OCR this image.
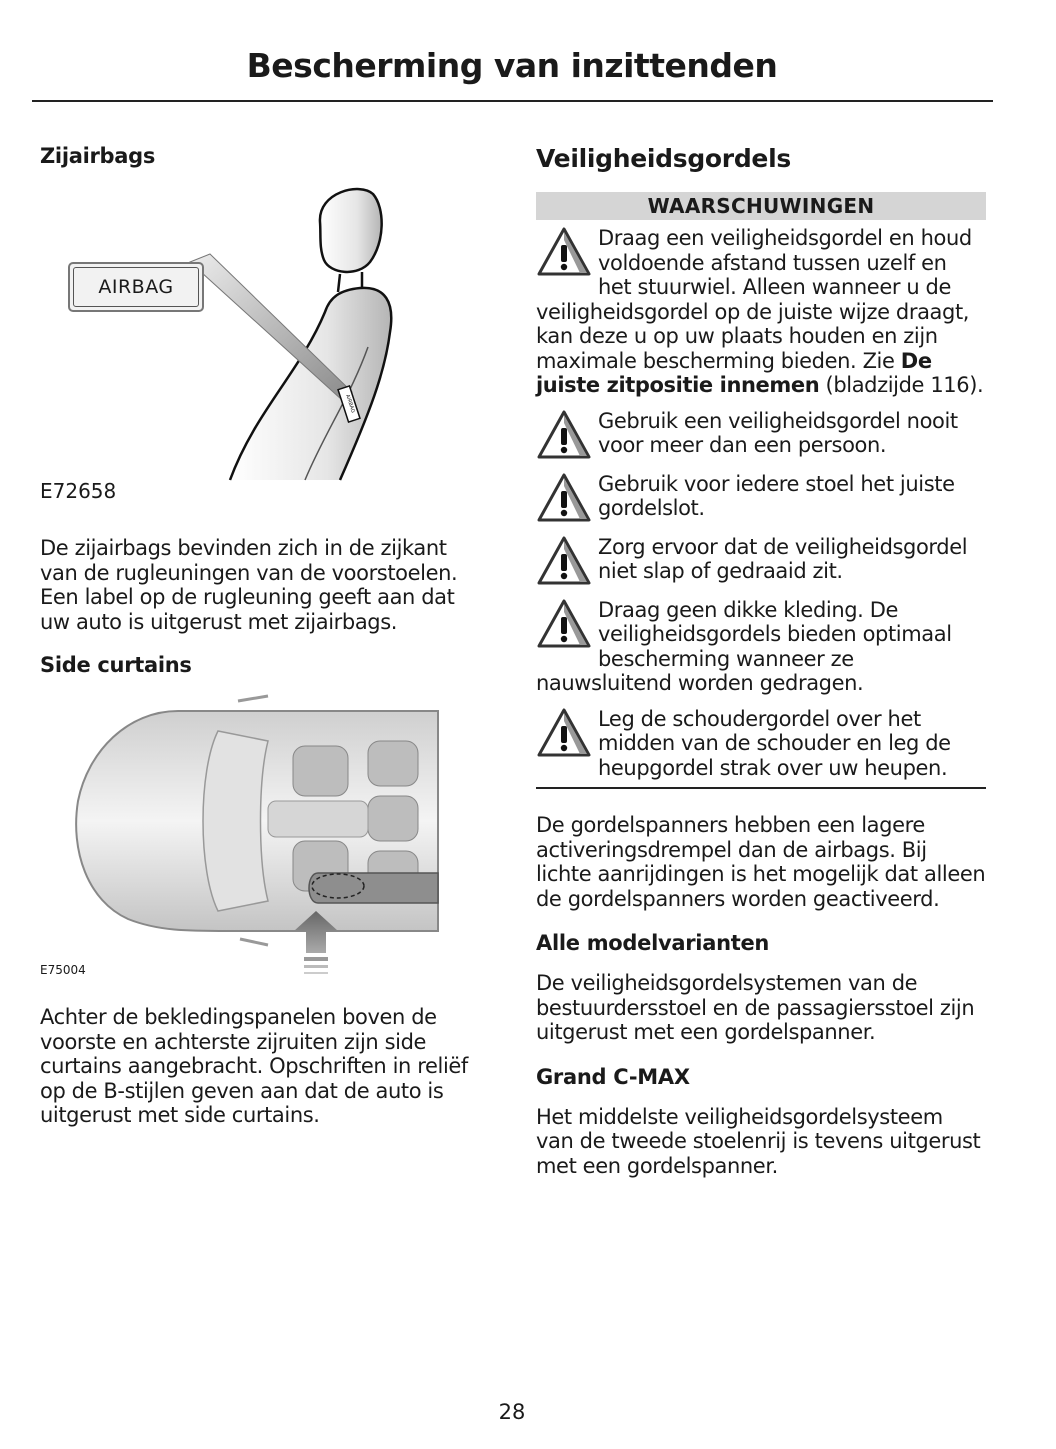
Bescherming van inzittenden
Zijairbags
AIRBAG
AIRBAG
E72658

De zijairbags bevinden zich in de zijkant van de rugleuningen van de voorstoelen. Een label op de rugleuning geeft aan dat uw auto is uitgerust met zijairbags.

Side curtains
E75004

Achter de bekledingspanelen boven de voorste en achterste zijruiten zijn side curtains aangebracht. Opschriften in reliëf op de B-stijlen geven aan dat de auto is uitgerust met side curtains.

Veiligheidsgordels
WAARSCHUWINGEN
Draag een veiligheidsgordel en houd voldoende afstand tussen uzelf en het stuurwiel. Alleen wanneer u de veiligheidsgordel op de juiste wijze draagt, kan deze u op uw plaats houden en zijn maximale bescherming bieden. Zie De juiste zitpositie innemen (bladzijde 116).
Gebruik een veiligheidsgordel nooit voor meer dan een persoon.
Gebruik voor iedere stoel het juiste gordelslot.
Zorg ervoor dat de veiligheidsgordel niet slap of gedraaid zit.
Draag geen dikke kleding. De veiligheidsgordels bieden optimaal bescherming wanneer ze nauwsluitend worden gedragen.
Leg de schoudergordel over het midden van de schouder en leg de heupgordel strak over uw heupen.

De gordelspanners hebben een lagere activeringsdrempel dan de airbags. Bij lichte aanrijdingen is het mogelijk dat alleen de gordelspanners worden geactiveerd.

Alle modelvarianten

De veiligheidsgordelsystemen van de bestuurdersstoel en de passagiersstoel zijn uitgerust met een gordelspanner.

Grand C-MAX

Het middelste veiligheidsgordelsysteem van de tweede stoelenrij is tevens uitgerust met een gordelspanner.

28
